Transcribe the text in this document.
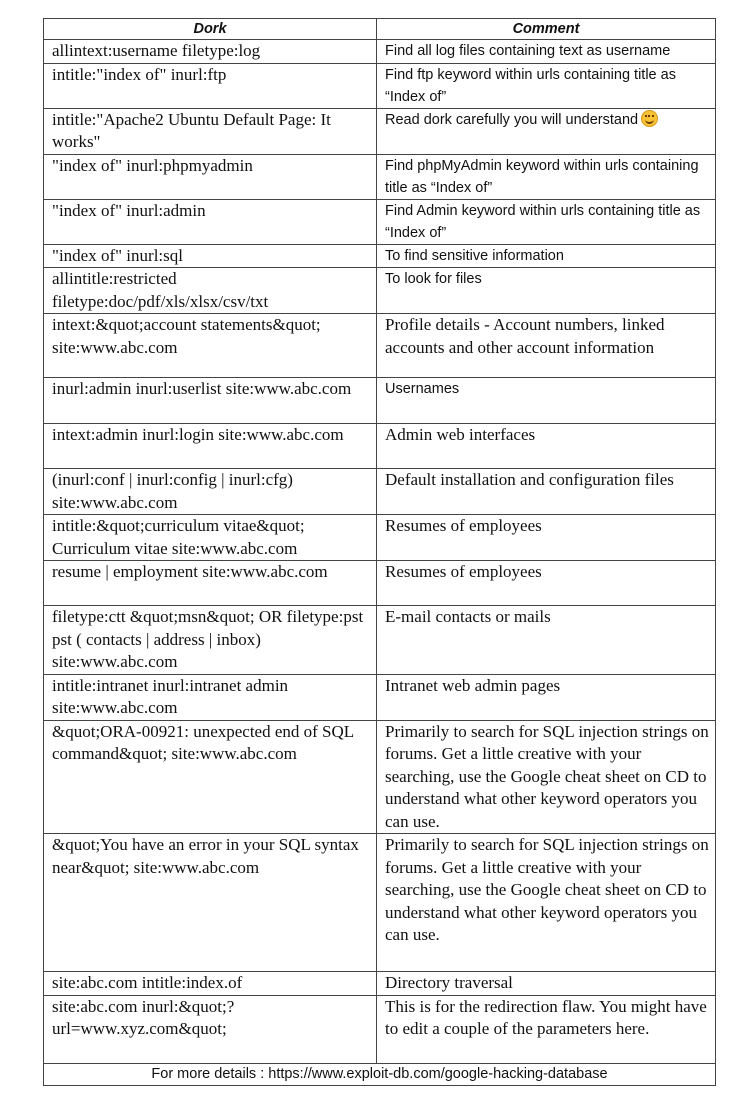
Dork	Comment
allintext:username filetype:log	Find all log files containing text as username
intitle:"index of" inurl:ftp	Find ftp keyword within urls containing title as “Index of”
intitle:"Apache2 Ubuntu Default Page: It works"	Read dork carefully you will understand
"index of" inurl:phpmyadmin	Find phpMyAdmin keyword within urls containing title as “Index of”
"index of" inurl:admin	Find Admin keyword within urls containing title as “Index of”
"index of" inurl:sql	To find sensitive information
allintitle:restricted filetype:doc/pdf/xls/xlsx/csv/txt	To look for files
intext:&quot;account statements&quot; site:www.abc.com	Profile details - Account numbers, linked accounts and other account information
inurl:admin inurl:userlist site:www.abc.com	Usernames
intext:admin inurl:login site:www.abc.com	Admin web interfaces
(inurl:conf | inurl:config | inurl:cfg) site:www.abc.com	Default installation and configuration files
intitle:&quot;curriculum vitae&quot; Curriculum vitae site:www.abc.com	Resumes of employees
resume | employment site:www.abc.com	Resumes of employees
filetype:ctt &quot;msn&quot; OR filetype:pst pst ( contacts | address | inbox) site:www.abc.com	E-mail contacts or mails
intitle:intranet inurl:intranet admin site:www.abc.com	Intranet web admin pages
&quot;ORA-00921: unexpected end of SQL command&quot; site:www.abc.com	Primarily to search for SQL injection strings on forums. Get a little creative with your searching, use the Google cheat sheet on CD to understand what other keyword operators you can use.
&quot;You have an error in your SQL syntax near&quot; site:www.abc.com	Primarily to search for SQL injection strings on forums. Get a little creative with your searching, use the Google cheat sheet on CD to understand what other keyword operators you can use.
site:abc.com intitle:index.of	Directory traversal
site:abc.com inurl:&quot;?url=www.xyz.com&quot;	This is for the redirection flaw. You might have to edit a couple of the parameters here.
For more details : https://www.exploit-db.com/google-hacking-database	
